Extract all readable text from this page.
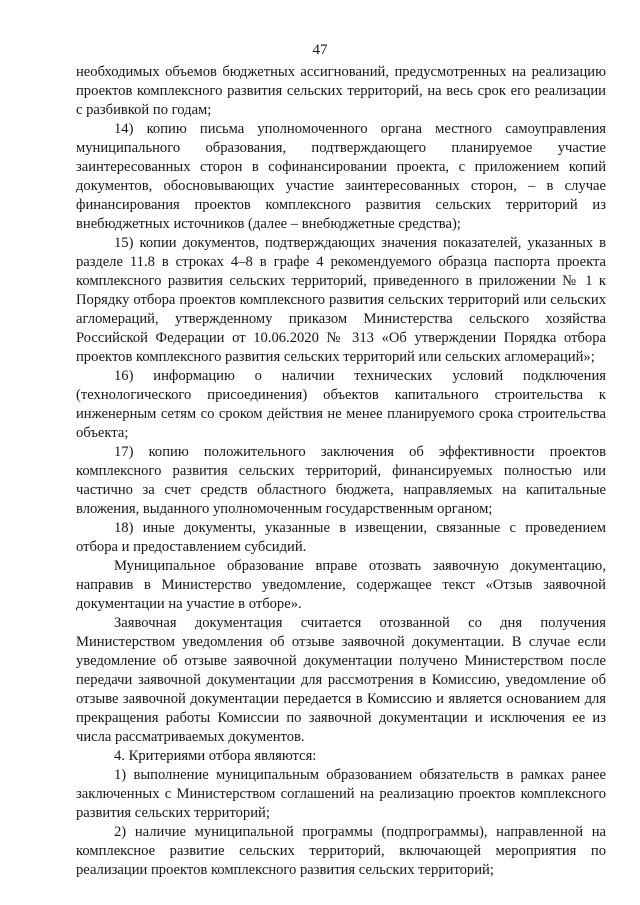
47

необходимых объемов бюджетных ассигнований, предусмотренных на реализацию проектов комплексного развития сельских территорий, на весь срок его реализации с разбивкой по годам;

14) копию письма уполномоченного органа местного самоуправления муниципального образования, подтверждающего планируемое участие заинтересованных сторон в софинансировании проекта, с приложением копий документов, обосновывающих участие заинтересованных сторон, – в случае финансирования проектов комплексного развития сельских территорий из внебюджетных источников (далее – внебюджетные средства);

15) копии документов, подтверждающих значения показателей, указанных в разделе 11.8 в строках 4–8 в графе 4 рекомендуемого образца паспорта проекта комплексного развития сельских территорий, приведенного в приложении № 1 к Порядку отбора проектов комплексного развития сельских территорий или сельских агломераций, утвержденному приказом Министерства сельского хозяйства Российской Федерации от 10.06.2020 № 313 «Об утверждении Порядка отбора проектов комплексного развития сельских территорий или сельских агломераций»;

16) информацию о наличии технических условий подключения (технологического присоединения) объектов капитального строительства к инженерным сетям со сроком действия не менее планируемого срока строительства объекта;

17) копию положительного заключения об эффективности проектов комплексного развития сельских территорий, финансируемых полностью или частично за счет средств областного бюджета, направляемых на капитальные вложения, выданного уполномоченным государственным органом;

18) иные документы, указанные в извещении, связанные с проведением отбора и предоставлением субсидий.

Муниципальное образование вправе отозвать заявочную документацию, направив в Министерство уведомление, содержащее текст «Отзыв заявочной документации на участие в отборе».

Заявочная документация считается отозванной со дня получения Министерством уведомления об отзыве заявочной документации. В случае если уведомление об отзыве заявочной документации получено Министерством после передачи заявочной документации для рассмотрения в Комиссию, уведомление об отзыве заявочной документации передается в Комиссию и является основанием для прекращения работы Комиссии по заявочной документации и исключения ее из числа рассматриваемых документов.

4. Критериями отбора являются:

1) выполнение муниципальным образованием обязательств в рамках ранее заключенных с Министерством соглашений на реализацию проектов комплексного развития сельских территорий;

2) наличие муниципальной программы (подпрограммы), направленной на комплексное развитие сельских территорий, включающей мероприятия по реализации проектов комплексного развития сельских территорий;
